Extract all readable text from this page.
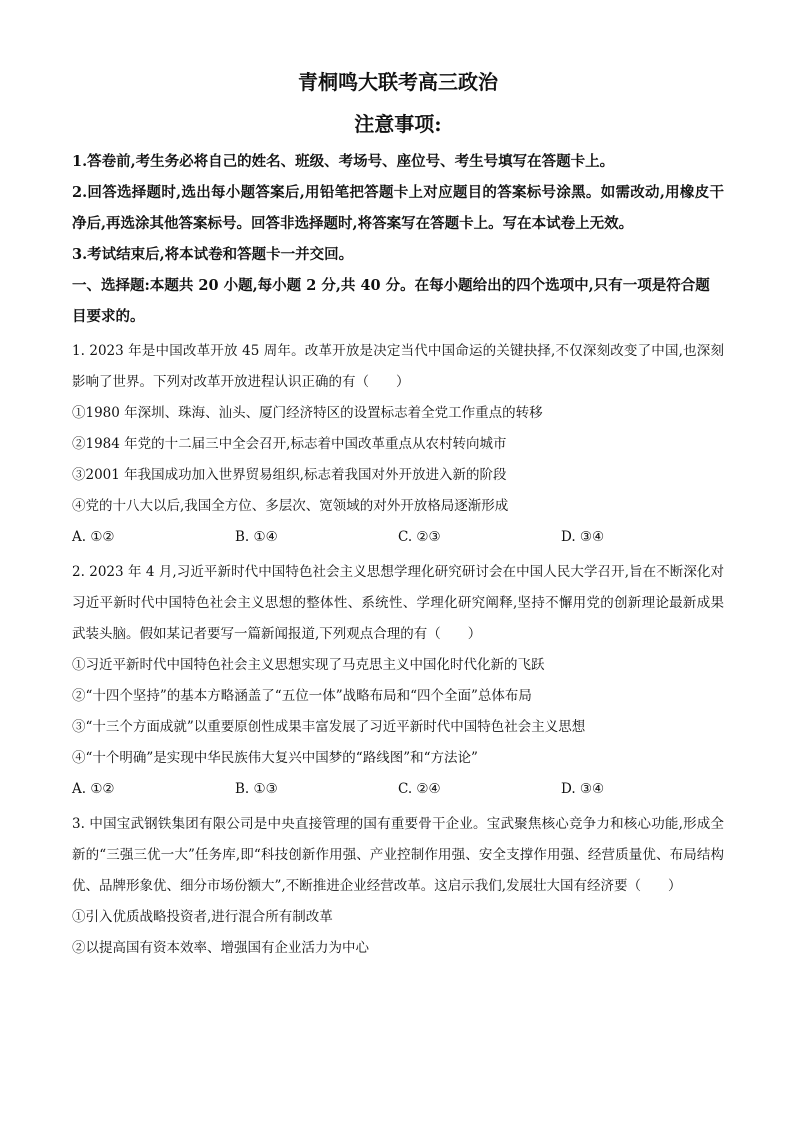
青桐鸣大联考高三政治
注意事项:

1.答卷前,考生务必将自己的姓名、班级、考场号、座位号、考生号填写在答题卡上。

2.回答选择题时,选出每小题答案后,用铅笔把答题卡上对应题目的答案标号涂黑。如需改动,用橡皮干净后,再选涂其他答案标号。回答非选择题时,将答案写在答题卡上。写在本试卷上无效。

3.考试结束后,将本试卷和答题卡一并交回。

一、选择题:本题共 20 小题,每小题 2 分,共 40 分。在每小题给出的四个选项中,只有一项是符合题目要求的。

1. 2023 年是中国改革开放 45 周年。改革开放是决定当代中国命运的关键抉择,不仅深刻改变了中国,也深刻影响了世界。下列对改革开放进程认识正确的有（　　）

①1980 年深圳、珠海、汕头、厦门经济特区的设置标志着全党工作重点的转移

②1984 年党的十二届三中全会召开,标志着中国改革重点从农村转向城市

③2001 年我国成功加入世界贸易组织,标志着我国对外开放进入新的阶段

④党的十八大以后,我国全方位、多层次、宽领域的对外开放格局逐渐形成

A. ①②	B. ①④	C. ②③	D. ③④

2. 2023 年 4 月,习近平新时代中国特色社会主义思想学理化研究研讨会在中国人民大学召开,旨在不断深化对习近平新时代中国特色社会主义思想的整体性、系统性、学理化研究阐释,坚持不懈用党的创新理论最新成果武装头脑。假如某记者要写一篇新闻报道,下列观点合理的有（　　）

①习近平新时代中国特色社会主义思想实现了马克思主义中国化时代化新的飞跃

②“十四个坚持”的基本方略涵盖了“五位一体”战略布局和“四个全面”总体布局

③“十三个方面成就”以重要原创性成果丰富发展了习近平新时代中国特色社会主义思想

④“十个明确”是实现中华民族伟大复兴中国梦的“路线图”和“方法论”

A. ①②	B. ①③	C. ②④	D. ③④

3. 中国宝武钢铁集团有限公司是中央直接管理的国有重要骨干企业。宝武聚焦核心竞争力和核心功能,形成全新的“三强三优一大”任务库,即“科技创新作用强、产业控制作用强、安全支撑作用强、经营质量优、布局结构优、品牌形象优、细分市场份额大”,不断推进企业经营改革。这启示我们,发展壮大国有经济要（　　）

①引入优质战略投资者,进行混合所有制改革

②以提高国有资本效率、增强国有企业活力为中心
